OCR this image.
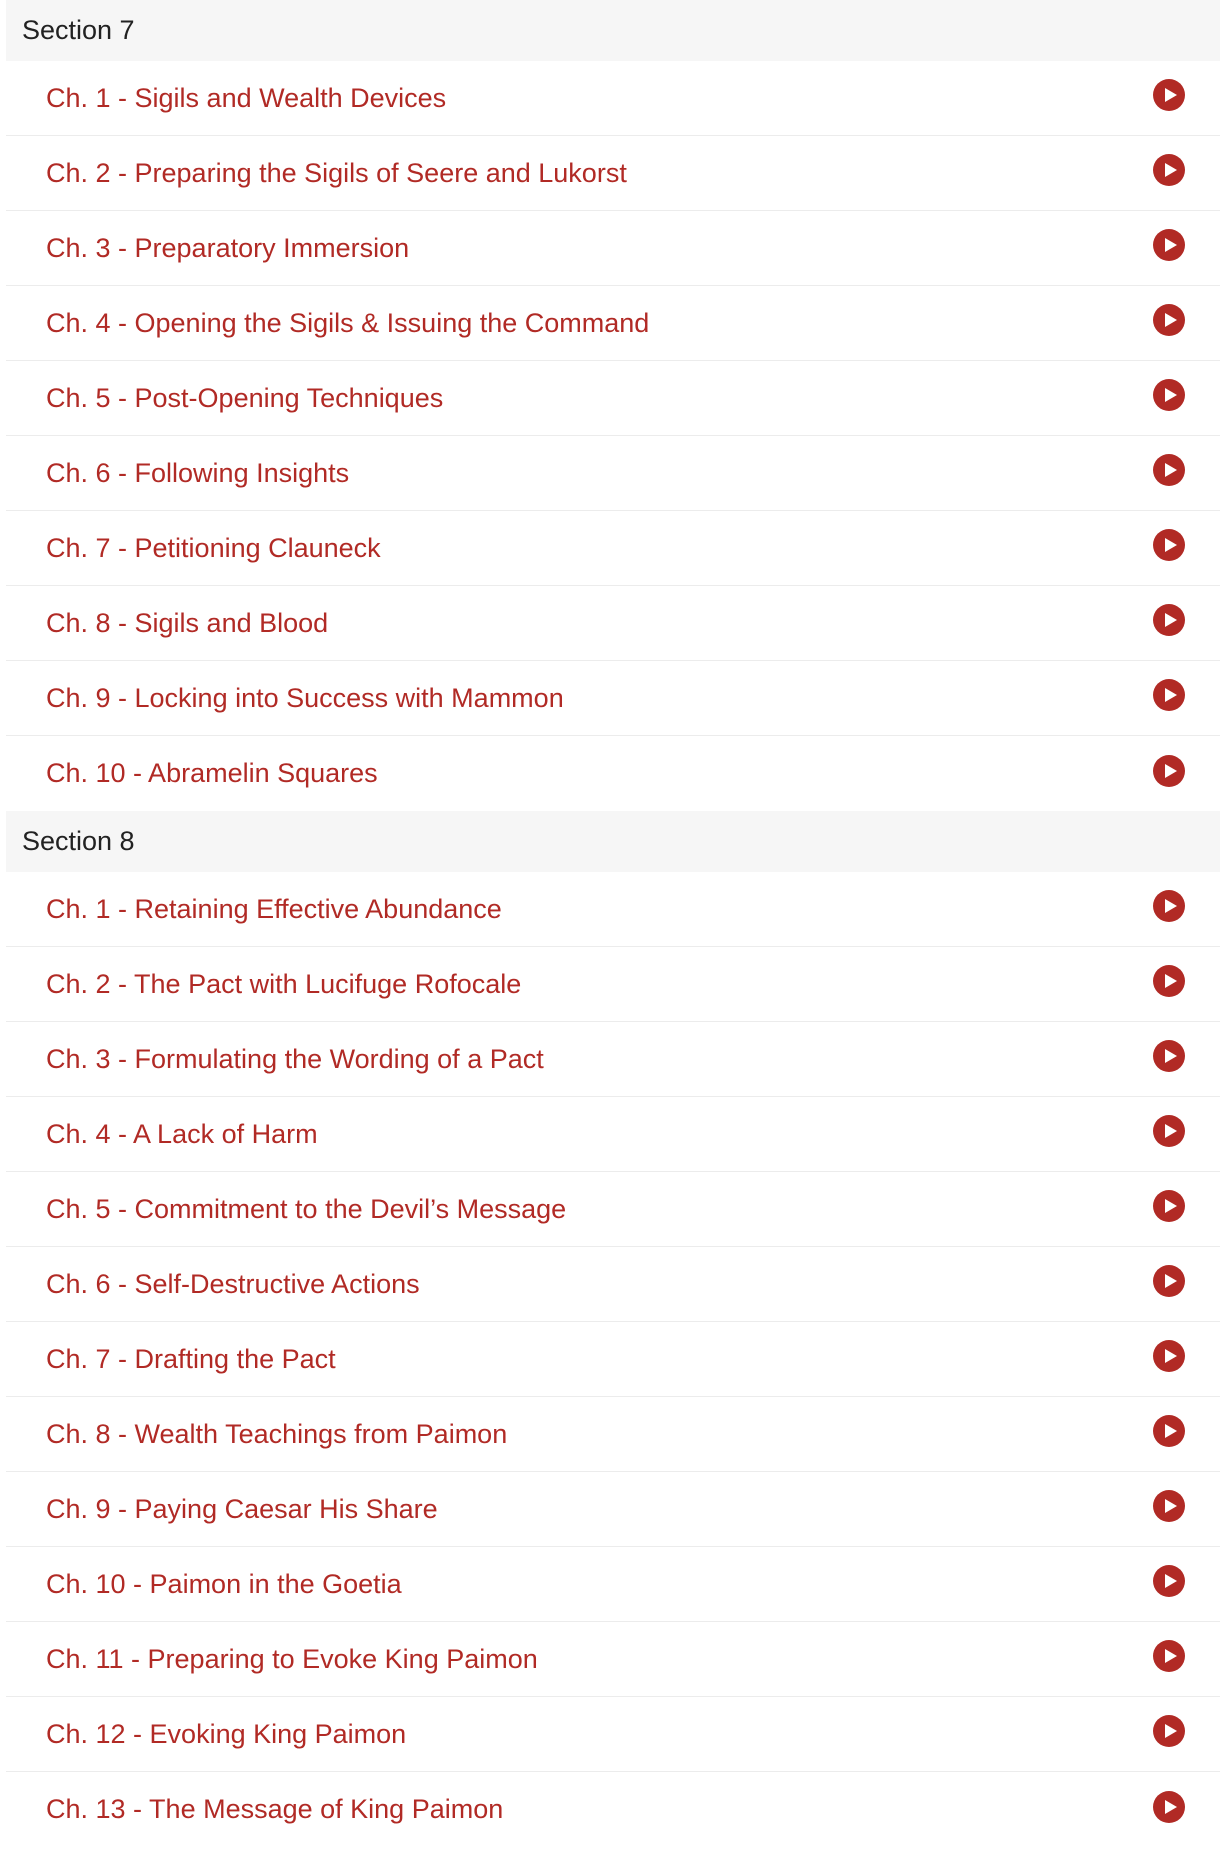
Section 7
Ch. 1 - Sigils and Wealth Devices
Ch. 2 - Preparing the Sigils of Seere and Lukorst
Ch. 3 - Preparatory Immersion
Ch. 4 - Opening the Sigils & Issuing the Command
Ch. 5 - Post-Opening Techniques
Ch. 6 - Following Insights
Ch. 7 - Petitioning Clauneck
Ch. 8 - Sigils and Blood
Ch. 9 - Locking into Success with Mammon
Ch. 10 - Abramelin Squares
Section 8
Ch. 1 - Retaining Effective Abundance
Ch. 2 - The Pact with Lucifuge Rofocale
Ch. 3 - Formulating the Wording of a Pact
Ch. 4 - A Lack of Harm
Ch. 5 - Commitment to the Devil’s Message
Ch. 6 - Self-Destructive Actions
Ch. 7 - Drafting the Pact
Ch. 8 - Wealth Teachings from Paimon
Ch. 9 - Paying Caesar His Share
Ch. 10 - Paimon in the Goetia
Ch. 11 - Preparing to Evoke King Paimon
Ch. 12 - Evoking King Paimon
Ch. 13 - The Message of King Paimon
